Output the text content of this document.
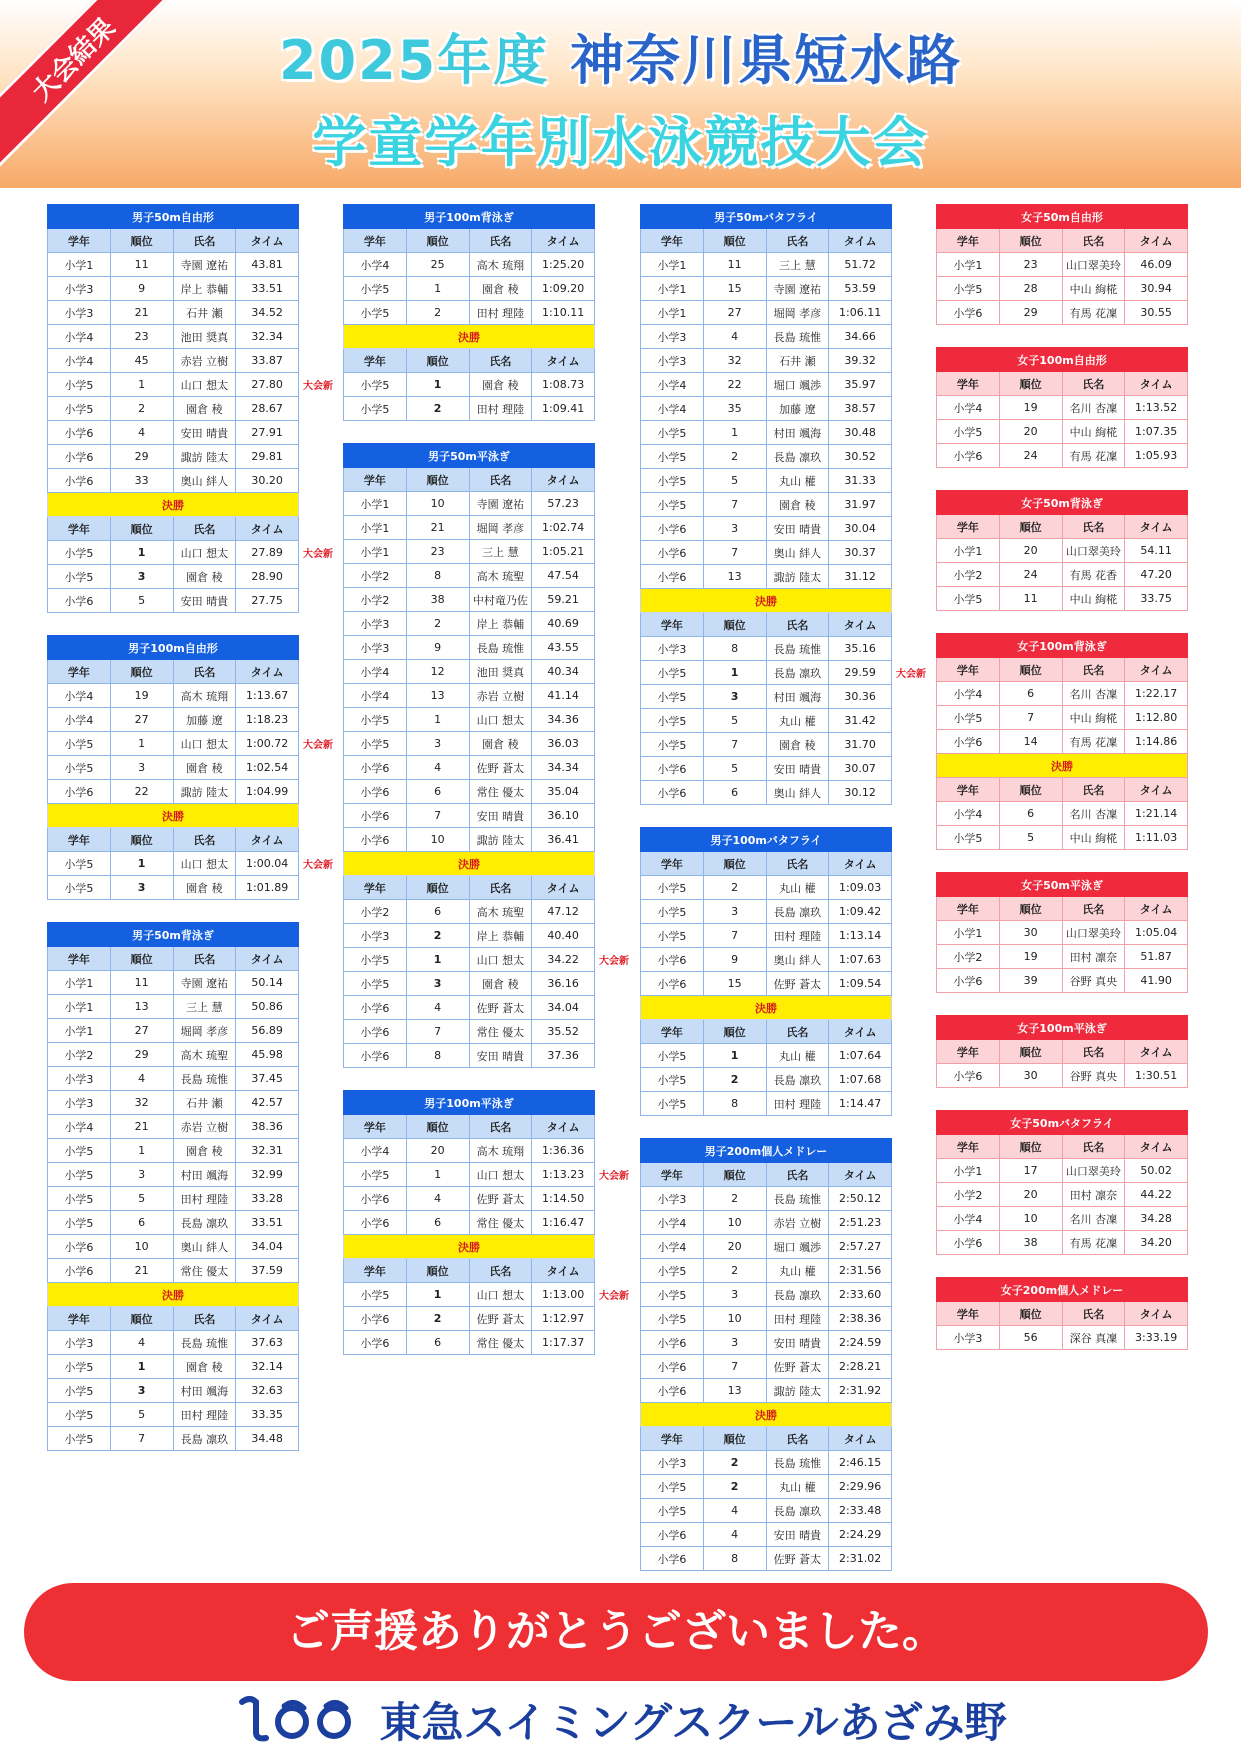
大会結果	2025年度 神奈川県短水路
学童学年別水泳競技大会
男子50m自由形			
学年	順位	氏名	タイム
小学1	11	寺園 遼祐	43.81
小学3	9	岸上 恭輔	33.51
小学3	21	石井 瀬	34.52
小学4	23	池田 奨真	32.34
小学4	45	赤岩 立樹	33.87
小学5	1	山口 想太	27.80
小学5	2	園倉 稜	28.67
小学6	4	安田 晴貴	27.91
小学6	29	諏訪 陸太	29.81
小学6	33	奥山 絆人	30.20
決勝			
学年	順位	氏名	タイム
小学5	1	山口 想太	27.89
小学5	3	園倉 稜	28.90
小学6	5	安田 晴貴	27.75
大会新
大会新
男子100m自由形			
学年	順位	氏名	タイム
小学4	19	高木 琉翔	1:13.67
小学4	27	加藤 遼	1:18.23
小学5	1	山口 想太	1:00.72
小学5	3	園倉 稜	1:02.54
小学6	22	諏訪 陸太	1:04.99
決勝			
学年	順位	氏名	タイム
小学5	1	山口 想太	1:00.04
小学5	3	園倉 稜	1:01.89
大会新
大会新
男子50m背泳ぎ			
学年	順位	氏名	タイム
小学1	11	寺園 遼祐	50.14
小学1	13	三上 慧	50.86
小学1	27	堀岡 孝彦	56.89
小学2	29	高木 琉聖	45.98
小学3	4	長島 琉惟	37.45
小学3	32	石井 瀬	42.57
小学4	21	赤岩 立樹	38.36
小学5	1	園倉 稜	32.31
小学5	3	村田 颯海	32.99
小学5	5	田村 理陸	33.28
小学5	6	長島 凛玖	33.51
小学6	10	奥山 絆人	34.04
小学6	21	常住 優太	37.59
決勝			
学年	順位	氏名	タイム
小学3	4	長島 琉惟	37.63
小学5	1	園倉 稜	32.14
小学5	3	村田 颯海	32.63
小学5	5	田村 理陸	33.35
小学5	7	長島 凛玖	34.48
男子100m背泳ぎ			
学年	順位	氏名	タイム
小学4	25	高木 琉翔	1:25.20
小学5	1	園倉 稜	1:09.20
小学5	2	田村 理陸	1:10.11
決勝			
学年	順位	氏名	タイム
小学5	1	園倉 稜	1:08.73
小学5	2	田村 理陸	1:09.41
男子50m平泳ぎ			
学年	順位	氏名	タイム
小学1	10	寺園 遼祐	57.23
小学1	21	堀岡 孝彦	1:02.74
小学1	23	三上 慧	1:05.21
小学2	8	高木 琉聖	47.54
小学2	38	中村竜乃佐	59.21
小学3	2	岸上 恭輔	40.69
小学3	9	長島 琉惟	43.55
小学4	12	池田 奨真	40.34
小学4	13	赤岩 立樹	41.14
小学5	1	山口 想太	34.36
小学5	3	園倉 稜	36.03
小学6	4	佐野 蒼太	34.34
小学6	6	常住 優太	35.04
小学6	7	安田 晴貴	36.10
小学6	10	諏訪 陸太	36.41
決勝			
学年	順位	氏名	タイム
小学2	6	高木 琉聖	47.12
小学3	2	岸上 恭輔	40.40
小学5	1	山口 想太	34.22
小学5	3	園倉 稜	36.16
小学6	4	佐野 蒼太	34.04
小学6	7	常住 優太	35.52
小学6	8	安田 晴貴	37.36
大会新
男子100m平泳ぎ			
学年	順位	氏名	タイム
小学4	20	高木 琉翔	1:36.36
小学5	1	山口 想太	1:13.23
小学6	4	佐野 蒼太	1:14.50
小学6	6	常住 優太	1:16.47
決勝			
学年	順位	氏名	タイム
小学5	1	山口 想太	1:13.00
小学6	2	佐野 蒼太	1:12.97
小学6	6	常住 優太	1:17.37
大会新
大会新
男子50mバタフライ			
学年	順位	氏名	タイム
小学1	11	三上 慧	51.72
小学1	15	寺園 遼祐	53.59
小学1	27	堀岡 孝彦	1:06.11
小学3	4	長島 琉惟	34.66
小学3	32	石井 瀬	39.32
小学4	22	堀口 颯渉	35.97
小学4	35	加藤 遼	38.57
小学5	1	村田 颯海	30.48
小学5	2	長島 凛玖	30.52
小学5	5	丸山 權	31.33
小学5	7	園倉 稜	31.97
小学6	3	安田 晴貴	30.04
小学6	7	奥山 絆人	30.37
小学6	13	諏訪 陸太	31.12
決勝			
学年	順位	氏名	タイム
小学3	8	長島 琉惟	35.16
小学5	1	長島 凛玖	29.59
小学5	3	村田 颯海	30.36
小学5	5	丸山 權	31.42
小学5	7	園倉 稜	31.70
小学6	5	安田 晴貴	30.07
小学6	6	奥山 絆人	30.12
大会新
男子100mバタフライ			
学年	順位	氏名	タイム
小学5	2	丸山 權	1:09.03
小学5	3	長島 凛玖	1:09.42
小学5	7	田村 理陸	1:13.14
小学6	9	奥山 絆人	1:07.63
小学6	15	佐野 蒼太	1:09.54
決勝			
学年	順位	氏名	タイム
小学5	1	丸山 權	1:07.64
小学5	2	長島 凛玖	1:07.68
小学5	8	田村 理陸	1:14.47
男子200m個人メドレー			
学年	順位	氏名	タイム
小学3	2	長島 琉惟	2:50.12
小学4	10	赤岩 立樹	2:51.23
小学4	20	堀口 颯渉	2:57.27
小学5	2	丸山 權	2:31.56
小学5	3	長島 凛玖	2:33.60
小学5	10	田村 理陸	2:38.36
小学6	3	安田 晴貴	2:24.59
小学6	7	佐野 蒼太	2:28.21
小学6	13	諏訪 陸太	2:31.92
決勝			
学年	順位	氏名	タイム
小学3	2	長島 琉惟	2:46.15
小学5	2	丸山 權	2:29.96
小学5	4	長島 凛玖	2:33.48
小学6	4	安田 晴貴	2:24.29
小学6	8	佐野 蒼太	2:31.02
女子50m自由形			
学年	順位	氏名	タイム
小学1	23	山口翠美玲	46.09
小学5	28	中山 絢椛	30.94
小学6	29	有馬 花凜	30.55
女子100m自由形			
学年	順位	氏名	タイム
小学4	19	名川 杏凜	1:13.52
小学5	20	中山 絢椛	1:07.35
小学6	24	有馬 花凜	1:05.93
女子50m背泳ぎ			
学年	順位	氏名	タイム
小学1	20	山口翠美玲	54.11
小学2	24	有馬 花香	47.20
小学5	11	中山 絢椛	33.75
女子100m背泳ぎ			
学年	順位	氏名	タイム
小学4	6	名川 杏凜	1:22.17
小学5	7	中山 絢椛	1:12.80
小学6	14	有馬 花凜	1:14.86
決勝			
学年	順位	氏名	タイム
小学4	6	名川 杏凜	1:21.14
小学5	5	中山 絢椛	1:11.03
女子50m平泳ぎ			
学年	順位	氏名	タイム
小学1	30	山口翠美玲	1:05.04
小学2	19	田村 凛奈	51.87
小学6	39	谷野 真央	41.90
女子100m平泳ぎ			
学年	順位	氏名	タイム
小学6	30	谷野 真央	1:30.51
女子50mバタフライ			
学年	順位	氏名	タイム
小学1	17	山口翠美玲	50.02
小学2	20	田村 凛奈	44.22
小学4	10	名川 杏凜	34.28
小学6	38	有馬 花凜	34.20
女子200m個人メドレー			
学年	順位	氏名	タイム
小学3	56	深谷 真凜	3:33.19
ご声援ありがとうございました。
東急スイミングスクールあざみ野
